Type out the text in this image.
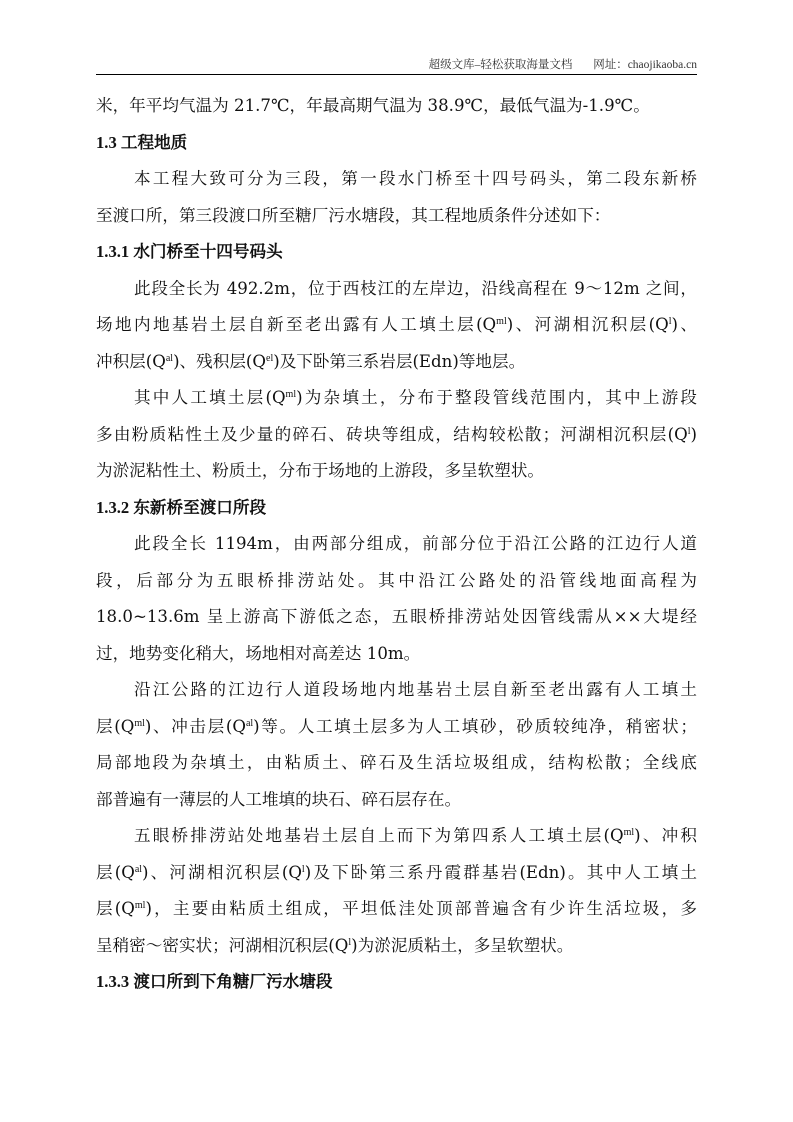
超级文库–轻松获取海量文档 网址：chaojikaoba.cn
米，年平均气温为 21.7℃，年最高期气温为 38.9℃，最低气温为-1.9℃。
1.3 工程地质
本工程大致可分为三段，第一段水门桥至十四号码头，第二段东新桥
至渡口所，第三段渡口所至糖厂污水塘段，其工程地质条件分述如下：
1.3.1 水门桥至十四号码头
此段全长为 492.2m，位于西枝江的左岸边，沿线高程在 9～12m 之间，
场地内地基岩土层自新至老出露有人工填土层$(Q^{ml})$、河湖相沉积层$(Q^l)$、
冲积层$(Q^{al})$、残积层$(Q^{el})$及下卧第三系岩层(Edn)等地层。
其中人工填土层$(Q^{ml})$为杂填土，分布于整段管线范围内，其中上游段
多由粉质粘性土及少量的碎石、砖块等组成，结构较松散；河湖相沉积层$(Q^l)$
为淤泥粘性土、粉质土，分布于场地的上游段，多呈软塑状。
1.3.2 东新桥至渡口所段
此段全长 1194m，由两部分组成，前部分位于沿江公路的江边行人道
段，后部分为五眼桥排涝站处。其中沿江公路处的沿管线地面高程为
18.0~13.6m 呈上游高下游低之态，五眼桥排涝站处因管线需从××大堤经
过，地势变化稍大，场地相对高差达 10m。
沿江公路的江边行人道段场地内地基岩土层自新至老出露有人工填土
层$(Q^{ml})$、冲击层$(Q^{al})$等。人工填土层多为人工填砂，砂质较纯净，稍密状；
局部地段为杂填土，由粘质土、碎石及生活垃圾组成，结构松散；全线底
部普遍有一薄层的人工堆填的块石、碎石层存在。
五眼桥排涝站处地基岩土层自上而下为第四系人工填土层$(Q^{ml})$、冲积
层$(Q^{al})$、河湖相沉积层$(Q^l)$及下卧第三系丹霞群基岩(Edn)。其中人工填土
层$(Q^{ml})$，主要由粘质土组成，平坦低洼处顶部普遍含有少许生活垃圾，多
呈稍密～密实状；河湖相沉积层$(Q^l)$为淤泥质粘土，多呈软塑状。
1.3.3 渡口所到下角糖厂污水塘段
